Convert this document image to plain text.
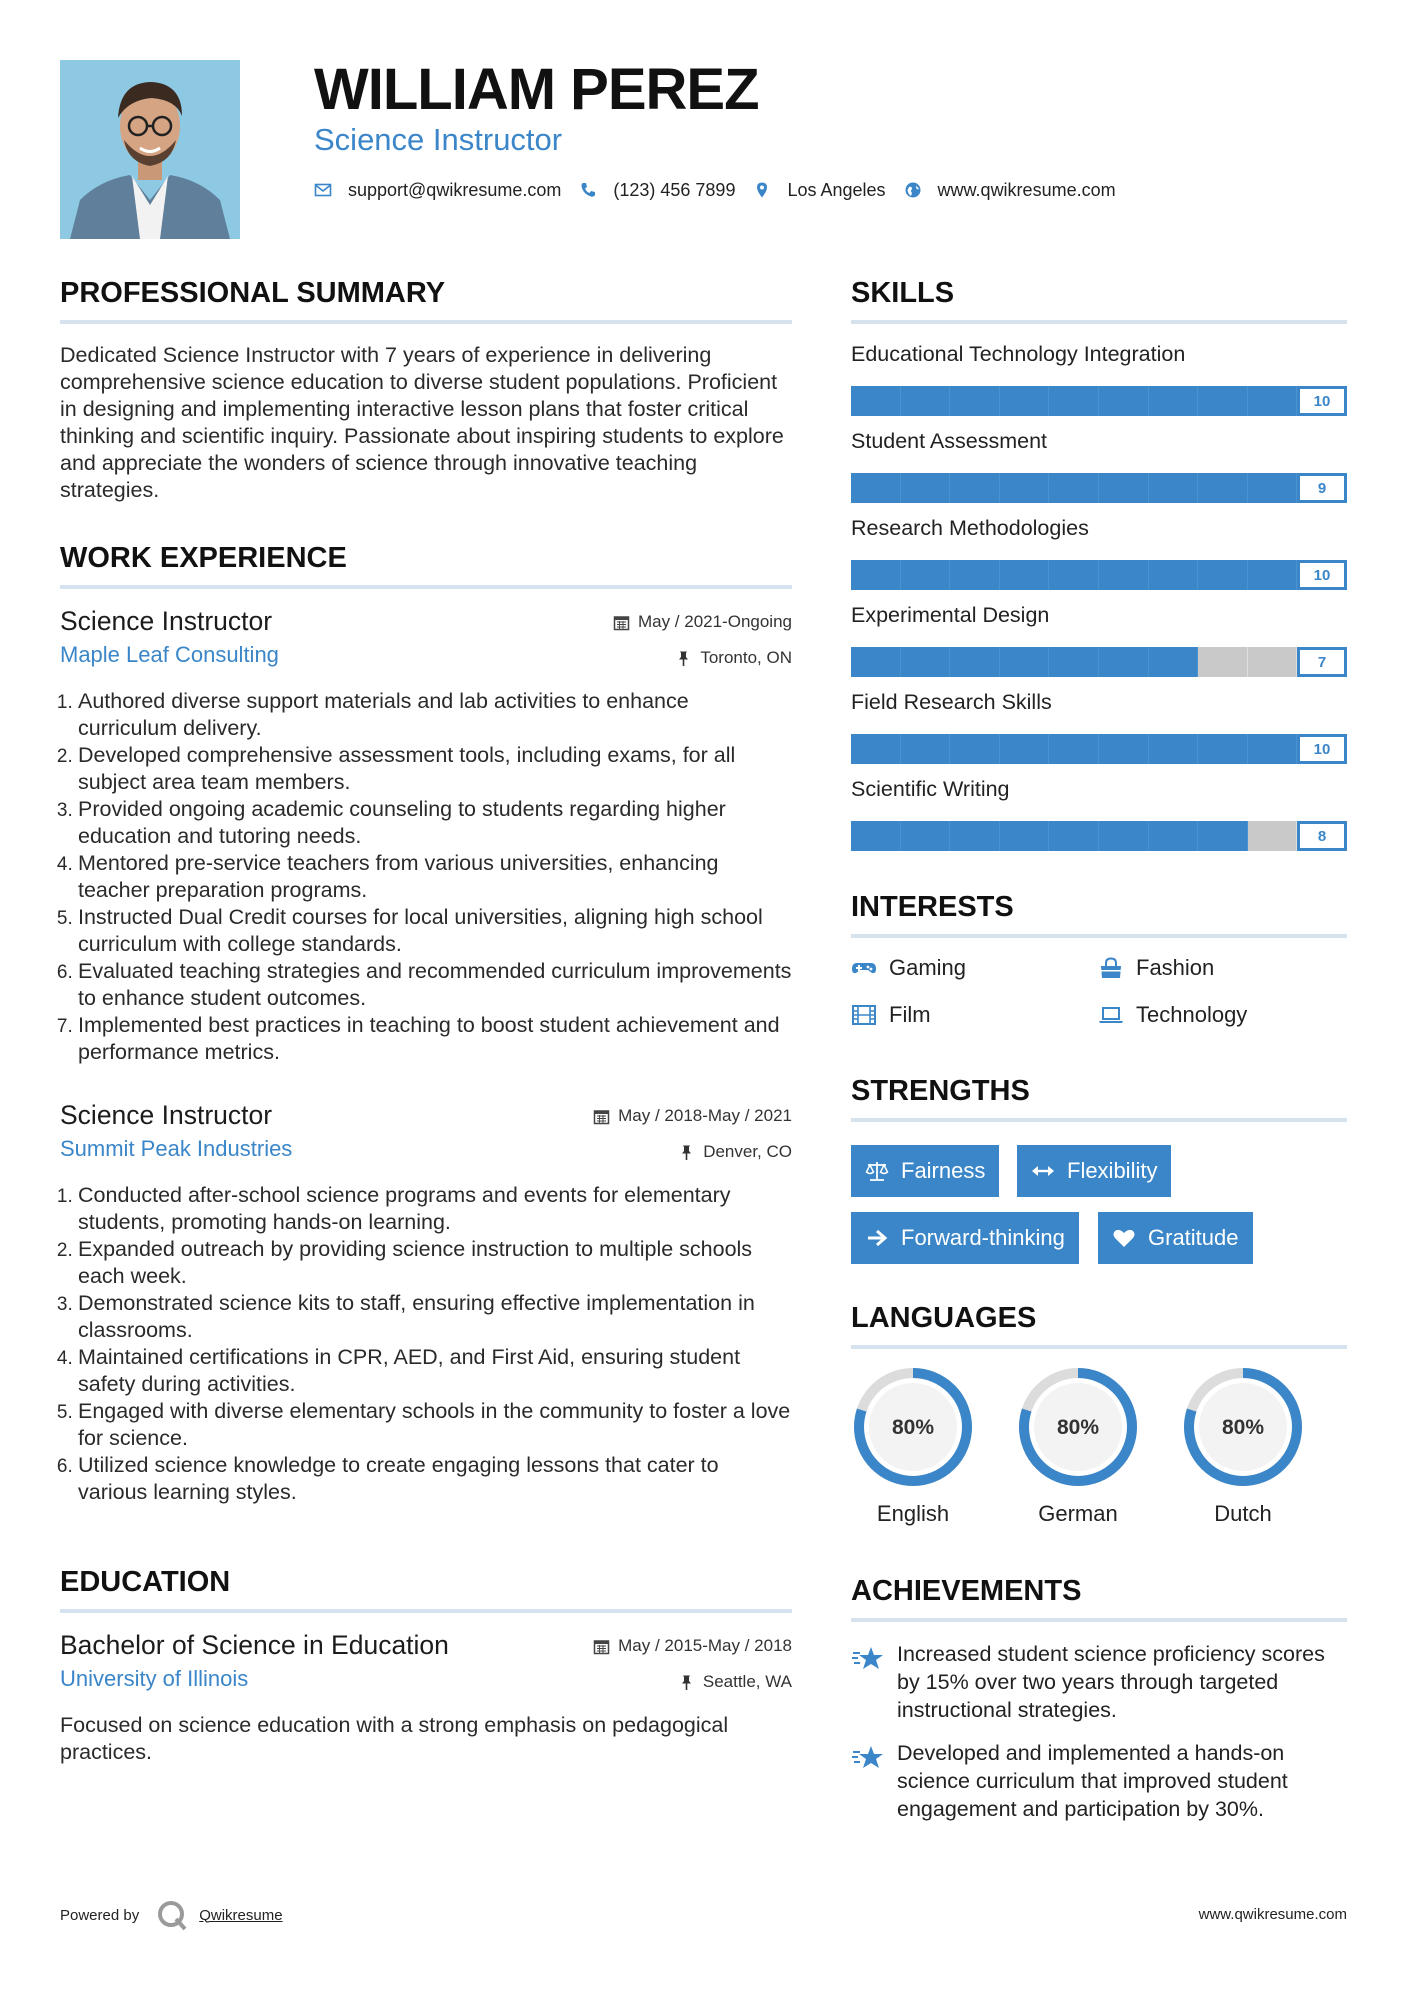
WILLIAM PEREZ
Science Instructor
support@qwikresume.com	(123) 456 7899	Los Angeles	www.qwikresume.com
PROFESSIONAL SUMMARY
Dedicated Science Instructor with 7 years of experience in delivering comprehensive science education to diverse student populations. Proficient in designing and implementing interactive lesson plans that foster critical thinking and scientific inquiry. Passionate about inspiring students to explore and appreciate the wonders of science through innovative teaching strategies.
WORK EXPERIENCE
Science Instructor	May / 2021-Ongoing
Maple Leaf Consulting	Toronto, ON
1. Authored diverse support materials and lab activities to enhance curriculum delivery.
2. Developed comprehensive assessment tools, including exams, for all subject area team members.
3. Provided ongoing academic counseling to students regarding higher education and tutoring needs.
4. Mentored pre-service teachers from various universities, enhancing teacher preparation programs.
5. Instructed Dual Credit courses for local universities, aligning high school curriculum with college standards.
6. Evaluated teaching strategies and recommended curriculum improvements to enhance student outcomes.
7. Implemented best practices in teaching to boost student achievement and performance metrics.
Science Instructor	May / 2018-May / 2021
Summit Peak Industries	Denver, CO
1. Conducted after-school science programs and events for elementary students, promoting hands-on learning.
2. Expanded outreach by providing science instruction to multiple schools each week.
3. Demonstrated science kits to staff, ensuring effective implementation in classrooms.
4. Maintained certifications in CPR, AED, and First Aid, ensuring student safety during activities.
5. Engaged with diverse elementary schools in the community to foster a love for science.
6. Utilized science knowledge to create engaging lessons that cater to various learning styles.
EDUCATION
Bachelor of Science in Education	May / 2015-May / 2018
University of Illinois	Seattle, WA
Focused on science education with a strong emphasis on pedagogical practices.
SKILLS
Educational Technology Integration
10
Student Assessment
9
Research Methodologies
10
Experimental Design
7
Field Research Skills
10
Scientific Writing
8
INTERESTS
Gaming	Fashion
Film	Technology
STRENGTHS
Fairness	Flexibility
Forward-thinking	Gratitude
LANGUAGES
80%
English
80%
German
80%
Dutch
ACHIEVEMENTS
Increased student science proficiency scores by 15% over two years through targeted instructional strategies.
Developed and implemented a hands-on science curriculum that improved student engagement and participation by 30%.
Powered by	Qwikresume	www.qwikresume.com
